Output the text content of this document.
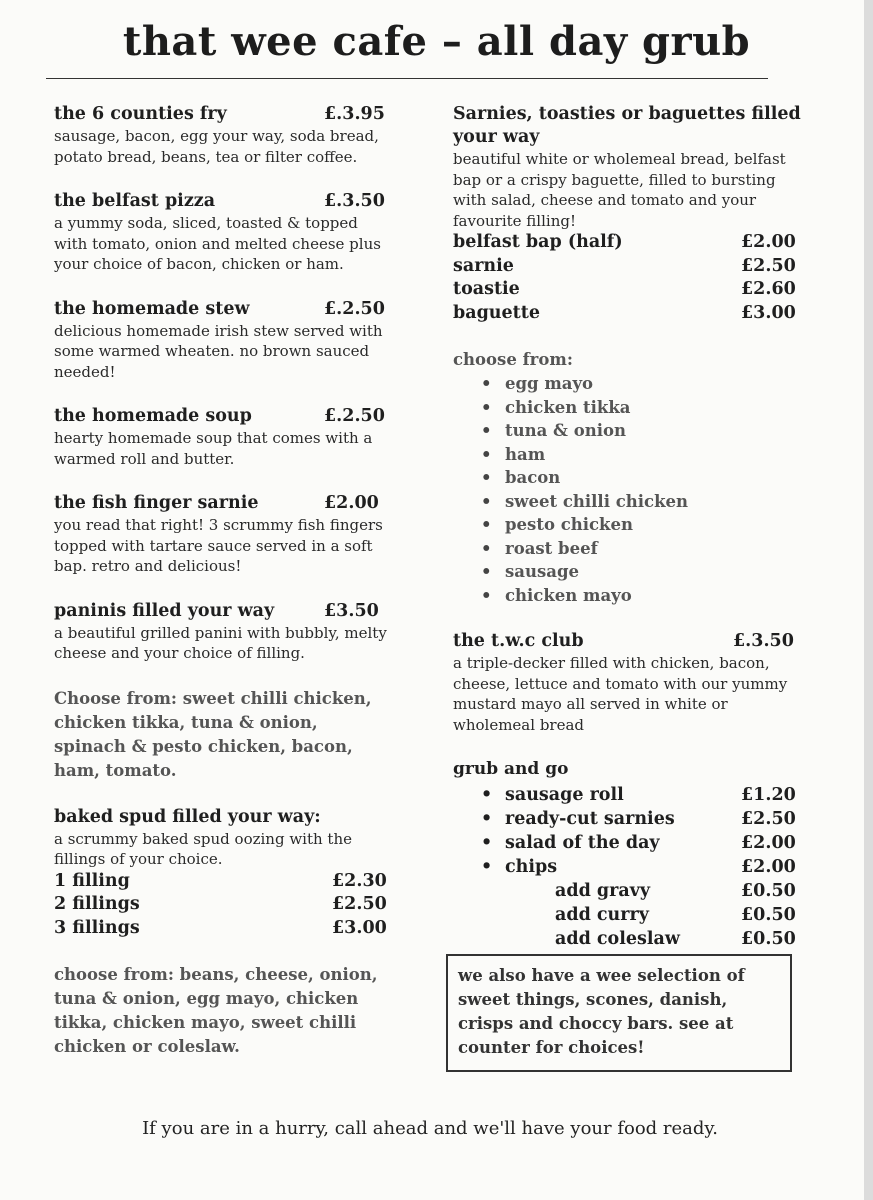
that wee cafe – all day grub
the 6 counties fry	£.3.95
sausage, bacon, egg your way, soda bread, potato bread, beans, tea or filter coffee.
the belfast pizza	£.3.50
a yummy soda, sliced, toasted & topped with tomato, onion and melted cheese plus your choice of bacon, chicken or ham.
the homemade stew	£.2.50
delicious homemade irish stew served with some warmed wheaten. no brown sauced needed!
the homemade soup	£.2.50
hearty homemade soup that comes with a warmed roll and butter.
the fish finger sarnie	£2.00
you read that right! 3 scrummy fish fingers topped with tartare sauce served in a soft bap. retro and delicious!
paninis filled your way	£3.50
a beautiful grilled panini with bubbly, melty cheese and your choice of filling.
Choose from: sweet chilli chicken, chicken tikka, tuna & onion, spinach & pesto chicken, bacon, ham, tomato.
baked spud filled your way:
a scrummy baked spud oozing with the fillings of your choice.
1 filling	£2.30
2 fillings	£2.50
3 fillings	£3.00
choose from: beans, cheese, onion, tuna & onion, egg mayo, chicken tikka, chicken mayo, sweet chilli chicken or coleslaw.
Sarnies, toasties or baguettes filled your way
beautiful white or wholemeal bread, belfast bap or a crispy baguette, filled to bursting with salad, cheese and tomato and your favourite filling!
belfast bap (half)	£2.00
sarnie	£2.50
toastie	£2.60
baguette	£3.00
choose from:
• egg mayo
• chicken tikka
• tuna & onion
• ham
• bacon
• sweet chilli chicken
• pesto chicken
• roast beef
• sausage
• chicken mayo
the t.w.c club	£.3.50
a triple-decker filled with chicken, bacon, cheese, lettuce and tomato with our yummy mustard mayo all served in white or wholemeal bread
grub and go
• sausage roll	£1.20
• ready-cut sarnies	£2.50
• salad of the day	£2.00
• chips	£2.00
add gravy	£0.50
add curry	£0.50
add coleslaw	£0.50
we also have a wee selection of sweet things, scones, danish, crisps and choccy bars. see at counter for choices!
If you are in a hurry, call ahead and we'll have your food ready.
